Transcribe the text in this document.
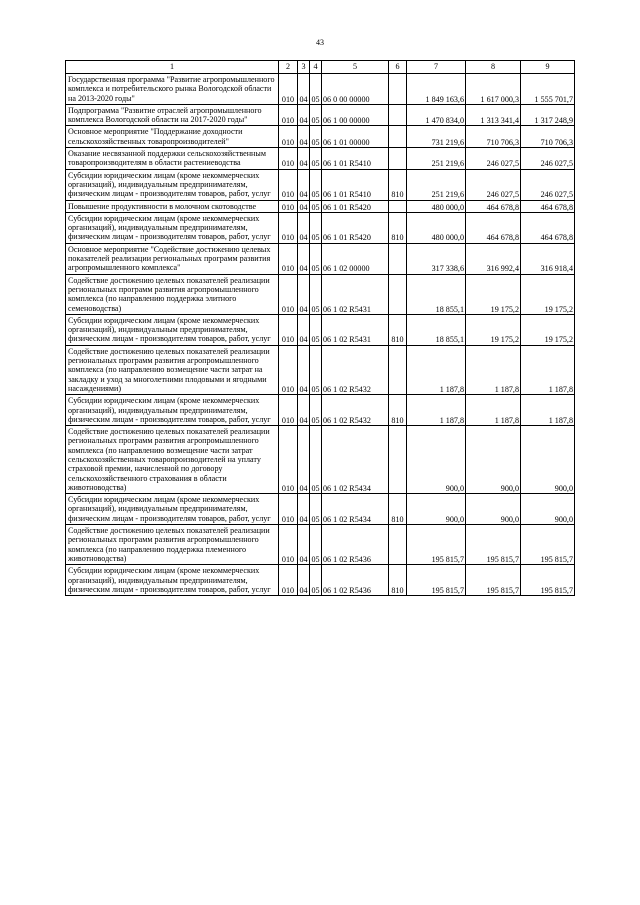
43
1	2	3	4	5	6	7	8	9
Государственная программа "Развитие агропромышленного комплекса и потребительского рынка Вологодской области на 2013-2020 годы"	010	04	05	06 0 00 00000		1 849 163,6	1 617 000,3	1 555 701,7
Подпрограмма "Развитие отраслей агропромышленного комплекса Вологодской области на 2017-2020 годы"	010	04	05	06 1 00 00000		1 470 834,0	1 313 341,4	1 317 248,9
Основное мероприятие "Поддержание доходности сельскохозяйственных товаропроизводителей"	010	04	05	06 1 01 00000		731 219,6	710 706,3	710 706,3
Оказание несвязанной поддержки сельскохозяйственным товаропроизводителям в области растениеводства	010	04	05	06 1 01 R5410		251 219,6	246 027,5	246 027,5
Субсидии юридическим лицам (кроме некоммерческих организаций), индивидуальным предпринимателям, физическим лицам - производителям товаров, работ, услуг	010	04	05	06 1 01 R5410	810	251 219,6	246 027,5	246 027,5
Повышение продуктивности в молочном скотоводстве	010	04	05	06 1 01 R5420		480 000,0	464 678,8	464 678,8
Субсидии юридическим лицам (кроме некоммерческих организаций), индивидуальным предпринимателям, физическим лицам - производителям товаров, работ, услуг	010	04	05	06 1 01 R5420	810	480 000,0	464 678,8	464 678,8
Основное мероприятие "Содействие достижению целевых показателей реализации региональных программ развития агропромышленного комплекса"	010	04	05	06 1 02 00000		317 338,6	316 992,4	316 918,4
Содействие достижению целевых показателей реализации региональных программ развития агропромышленного комплекса (по направлению поддержка элитного семеноводства)	010	04	05	06 1 02 R5431		18 855,1	19 175,2	19 175,2
Субсидии юридическим лицам (кроме некоммерческих организаций), индивидуальным предпринимателям, физическим лицам - производителям товаров, работ, услуг	010	04	05	06 1 02 R5431	810	18 855,1	19 175,2	19 175,2
Содействие достижению целевых показателей реализации региональных программ развития агропромышленного комплекса (по направлению возмещение части затрат на закладку и уход за многолетними плодовыми и ягодными насаждениями)	010	04	05	06 1 02 R5432		1 187,8	1 187,8	1 187,8
Субсидии юридическим лицам (кроме некоммерческих организаций), индивидуальным предпринимателям, физическим лицам - производителям товаров, работ, услуг	010	04	05	06 1 02 R5432	810	1 187,8	1 187,8	1 187,8
Содействие достижению целевых показателей реализации региональных программ развития агропромышленного комплекса (по направлению возмещение части затрат сельскохозяйственных товаропроизводителей на уплату страховой премии, начисленной по договору сельскохозяйственного страхования в области животноводства)	010	04	05	06 1 02 R5434		900,0	900,0	900,0
Субсидии юридическим лицам (кроме некоммерческих организаций), индивидуальным предпринимателям, физическим лицам - производителям товаров, работ, услуг	010	04	05	06 1 02 R5434	810	900,0	900,0	900,0
Содействие достижению целевых показателей реализации региональных программ развития агропромышленного комплекса (по направлению поддержка племенного животноводства)	010	04	05	06 1 02 R5436		195 815,7	195 815,7	195 815,7
Субсидии юридическим лицам (кроме некоммерческих организаций), индивидуальным предпринимателям, физическим лицам - производителям товаров, работ, услуг	010	04	05	06 1 02 R5436	810	195 815,7	195 815,7	195 815,7
